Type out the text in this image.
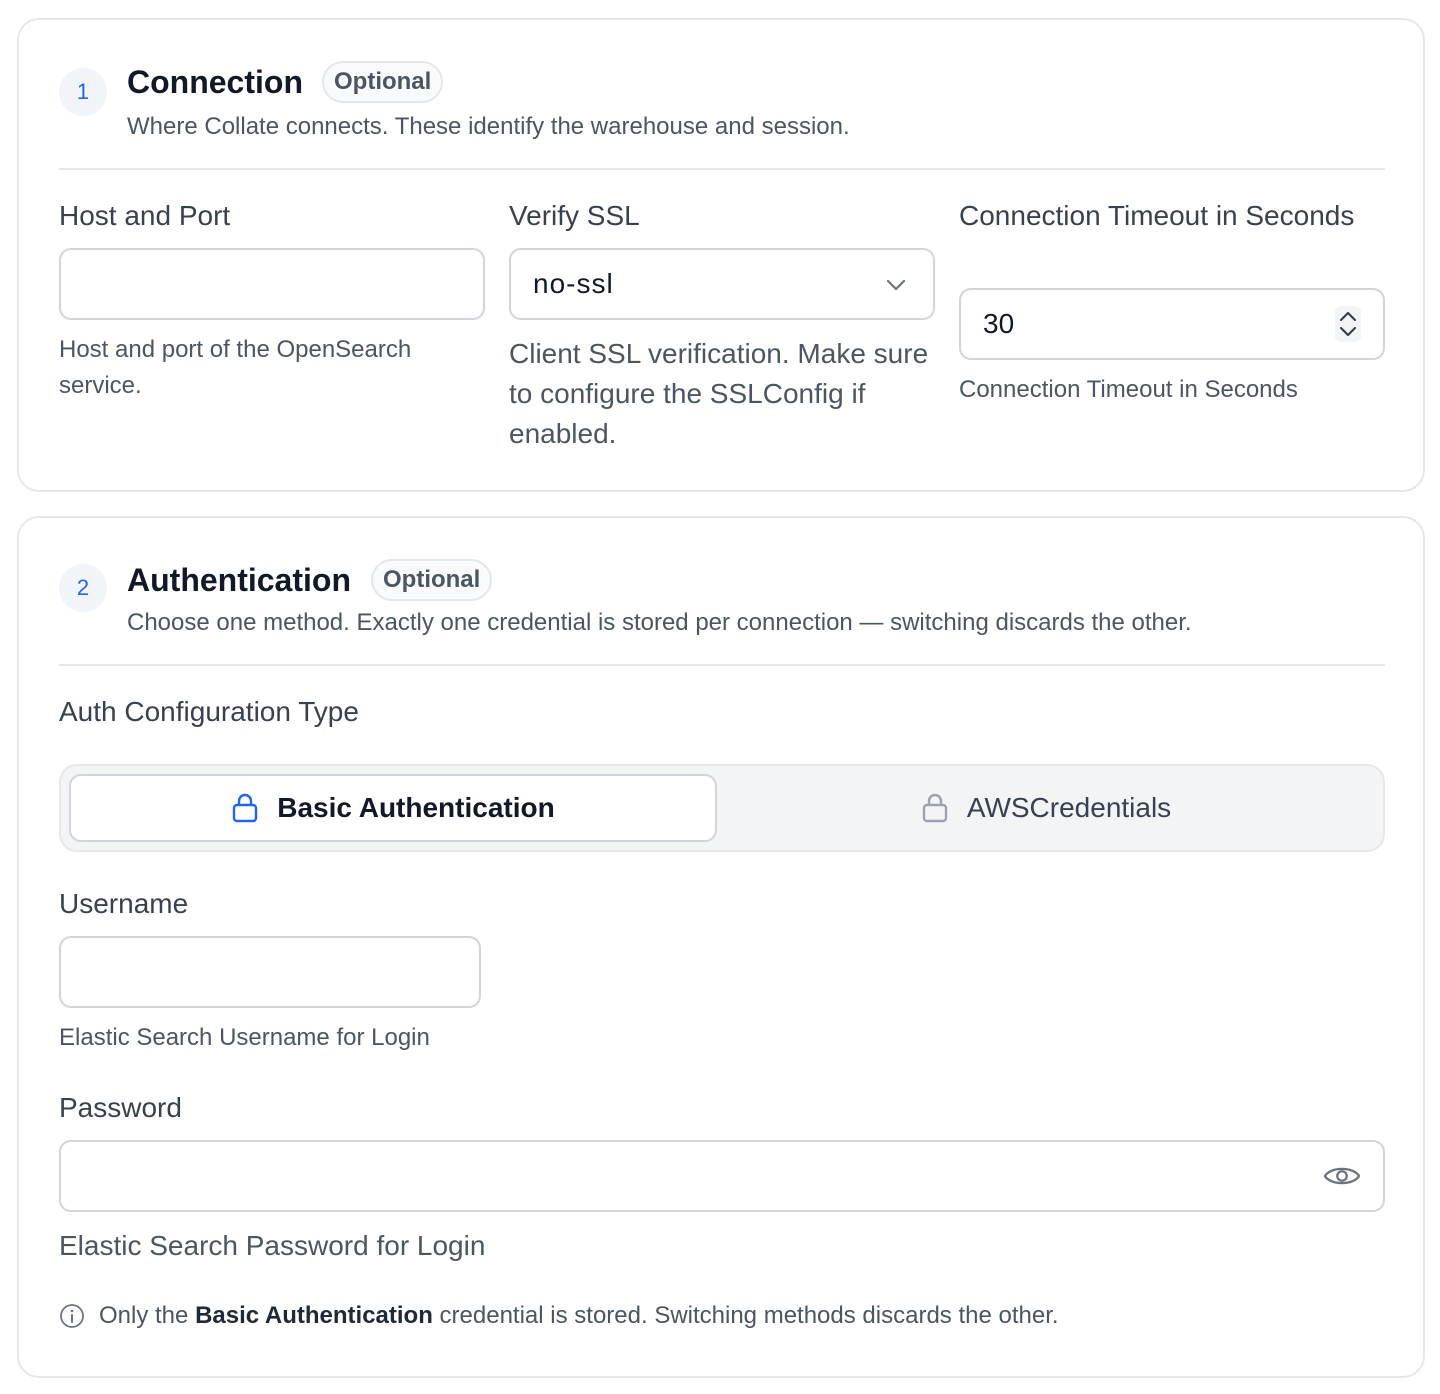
1	Connection	Optional

Where Collate connects. These identify the warehouse and session.

Host and Port

Host and port of the OpenSearch service.

Verify SSL
no-ssl

Client SSL verification. Make sure to configure the SSLConfig if enabled.

Connection Timeout in Seconds
30

Connection Timeout in Seconds

2	Authentication	Optional

Choose one method. Exactly one credential is stored per connection — switching discards the other.

Auth Configuration Type
Basic Authentication	AWSCredentials
Username

Elastic Search Username for Login

Password

Elastic Search Password for Login

Only the Basic Authentication credential is stored. Switching methods discards the other.
